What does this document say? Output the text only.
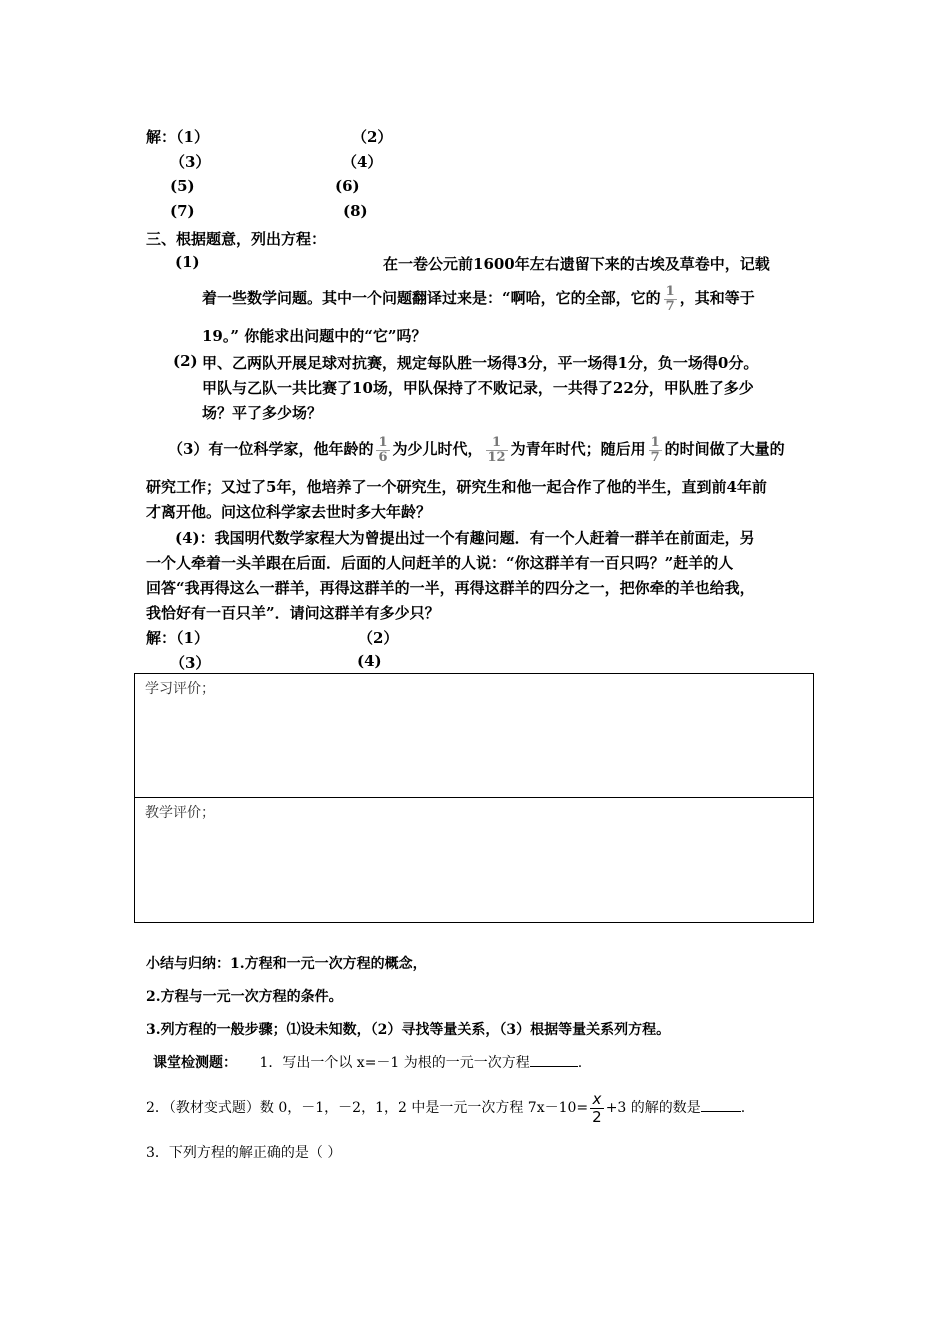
解：（1）	（2）
（3）	（4）
(5)	(6)
(7)	(8)
三、根据题意，列出方程：
(1)	在一卷公元前1600年左右遗留下来的古埃及草卷中，记载
着一些数学问题。其中一个问题翻译过来是：“啊哈，它的全部，它的 $\frac{1}{7}$ ，其和等于
19。” 你能求出问题中的“它”吗？
(2) 甲、乙两队开展足球对抗赛，规定每队胜一场得3分，平一场得1分，负一场得0分。
甲队与乙队一共比赛了10场，甲队保持了不败记录，一共得了22分，甲队胜了多少
场？平了多少场？
（3）有一位科学家，他年龄的 $\frac{1}{6}$ 为少儿时代， $\frac{1}{12}$ 为青年时代；随后用 $\frac{1}{7}$ 的时间做了大量的
研究工作；又过了5年，他培养了一个研究生，研究生和他一起合作了他的半生，直到前4年前
才离开他。问这位科学家去世时多大年龄？
(4)：我国明代数学家程大为曾提出过一个有趣问题．有一个人赶着一群羊在前面走，另
一个人牵着一头羊跟在后面．后面的人问赶羊的人说：“你这群羊有一百只吗？”赶羊的人
回答“我再得这么一群羊，再得这群羊的一半，再得这群羊的四分之一，把你牵的羊也给我，
我恰好有一百只羊”．请问这群羊有多少只？
解：（1）	（2）
（3）	(4)
学习评价；
教学评价；
小结与归纳：1.方程和一元一次方程的概念，
2.方程与一元一次方程的条件。
3.列方程的一般步骤；⑴设未知数，（2）寻找等量关系，（3）根据等量关系列方程。
课堂检测题： 1．写出一个以 x=－1 为根的一元一次方程	.
2．（教材变式题）数 0，－1，－2，1，2 中是一元一次方程 $7x-10= \frac{x}{2} +3$ 的解的数是	.
3．下列方程的解正确的是（ ）
